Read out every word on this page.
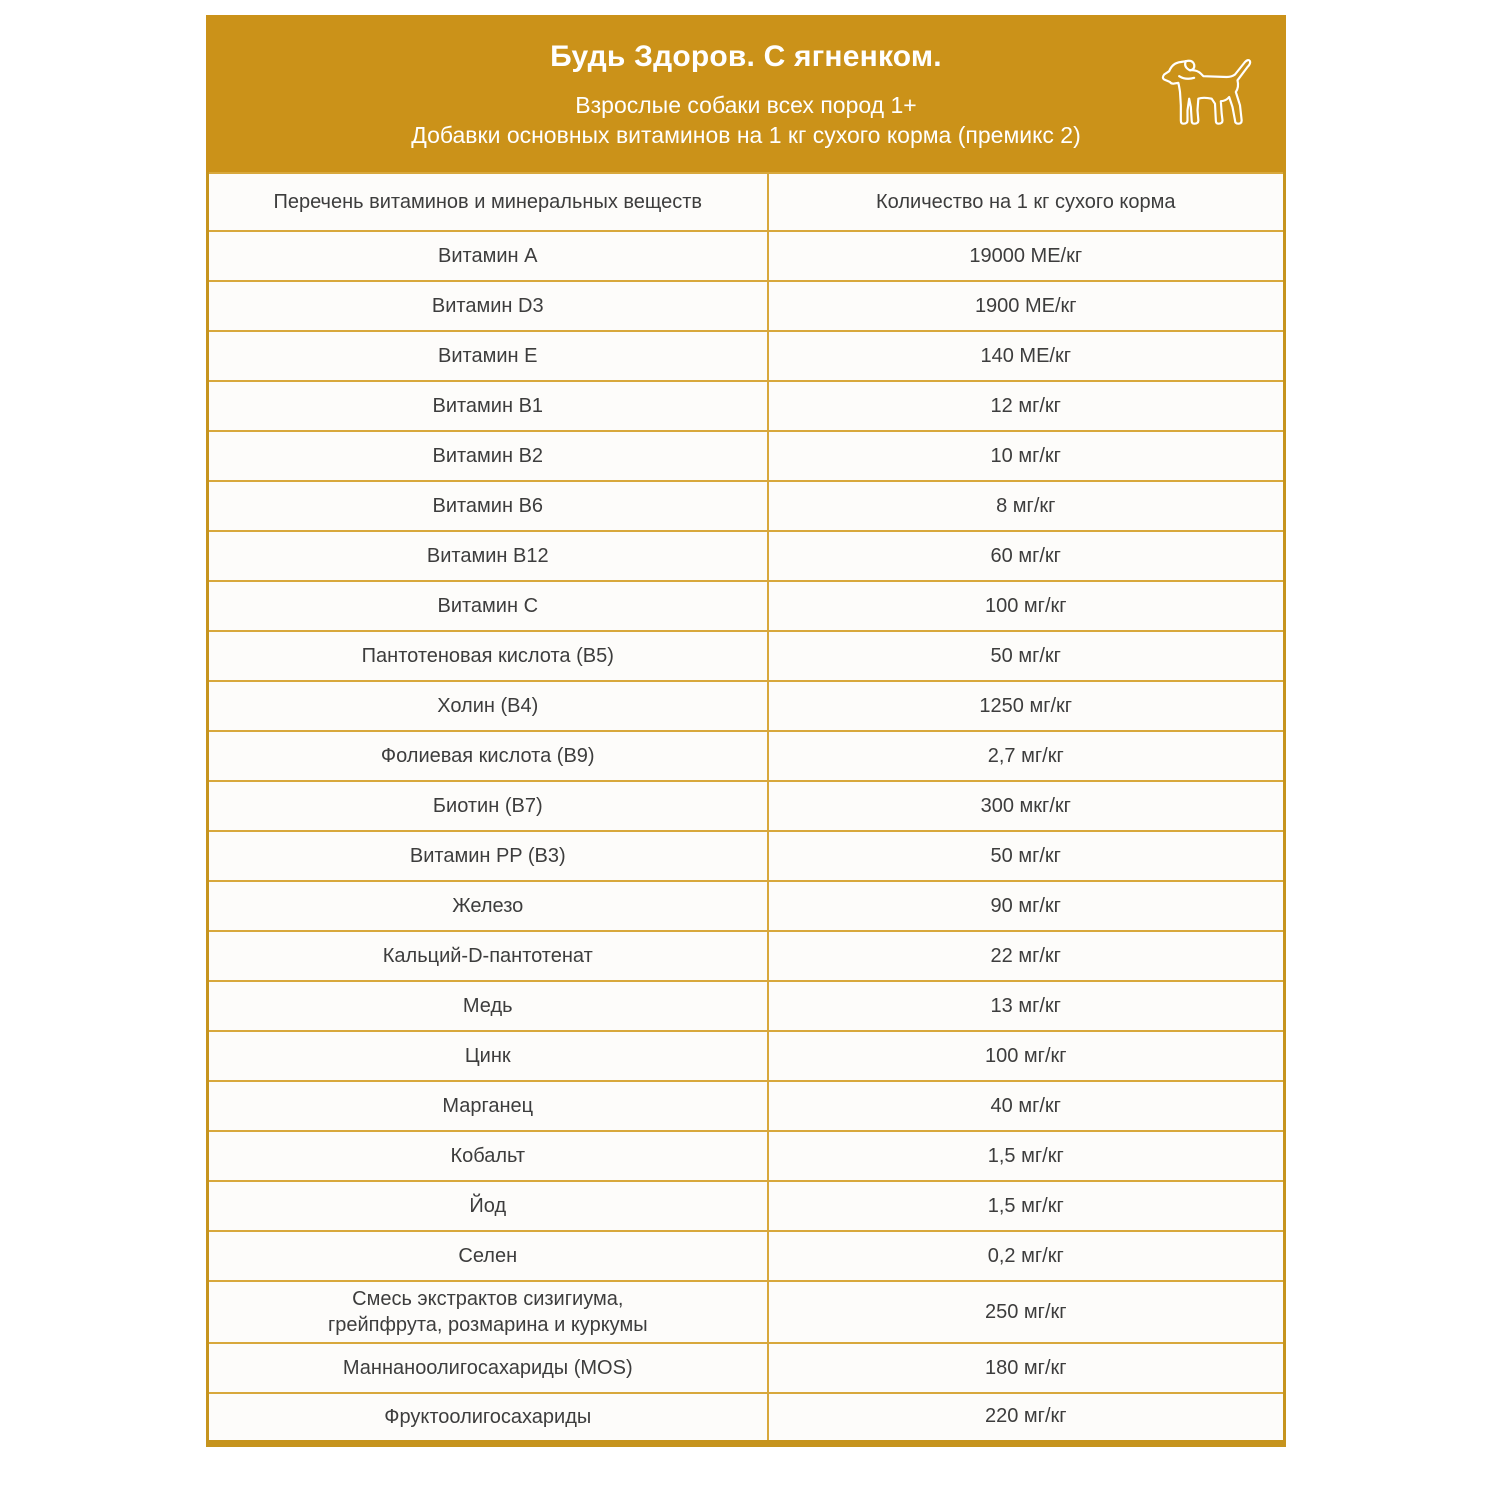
Будь Здоров. С ягненком.
Взрослые собаки всех пород 1+
Добавки основных витаминов на 1 кг сухого корма (премикс 2)
Перечень витаминов и минеральных веществ	Количество на 1 кг сухого корма
Витамин A	19000 МЕ/кг
Витамин D3	1900 МЕ/кг
Витамин E	140 МЕ/кг
Витамин B1	12 мг/кг
Витамин B2	10 мг/кг
Витамин B6	8 мг/кг
Витамин B12	60 мг/кг
Витамин C	100 мг/кг
Пантотеновая кислота (B5)	50 мг/кг
Холин (B4)	1250 мг/кг
Фолиевая кислота (B9)	2,7 мг/кг
Биотин (B7)	300 мкг/кг
Витамин PP (B3)	50 мг/кг
Железо	90 мг/кг
Кальций-D-пантотенат	22 мг/кг
Медь	13 мг/кг
Цинк	100 мг/кг
Марганец	40 мг/кг
Кобальт	1,5 мг/кг
Йод	1,5 мг/кг
Селен	0,2 мг/кг
Смесь экстрактов сизигиума, грейпфрута, розмарина и куркумы	250 мг/кг
Маннаноолигосахариды (MOS)	180 мг/кг
Фруктоолигосахариды	220 мг/кг
